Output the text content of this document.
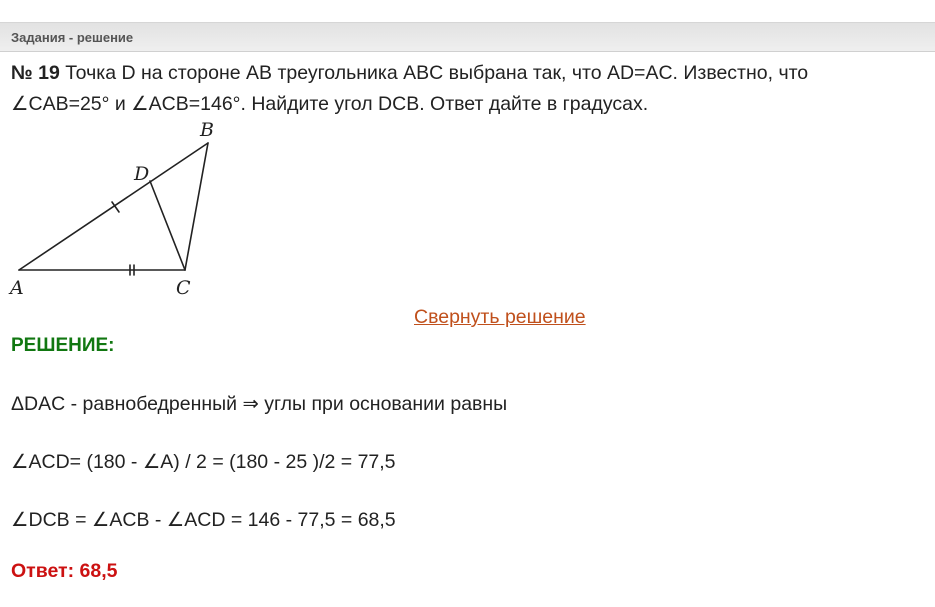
Задания - решение
№ 19 Точка D на стороне AB треугольника ABC выбрана так, что AD=AC. Известно, что
∠CAB=25° и ∠ACB=146°. Найдите угол DCB. Ответ дайте в градусах.
B
D
A	C
Свернуть решение
РЕШЕНИЕ:
ΔDAC - равнобедренный ⇒ углы при основании равны
∠ACD= (180 - ∠A) / 2 = (180 - 25 )/2 = 77,5
∠DCB = ∠ACB - ∠ACD = 146 - 77,5 = 68,5
Ответ: 68,5
